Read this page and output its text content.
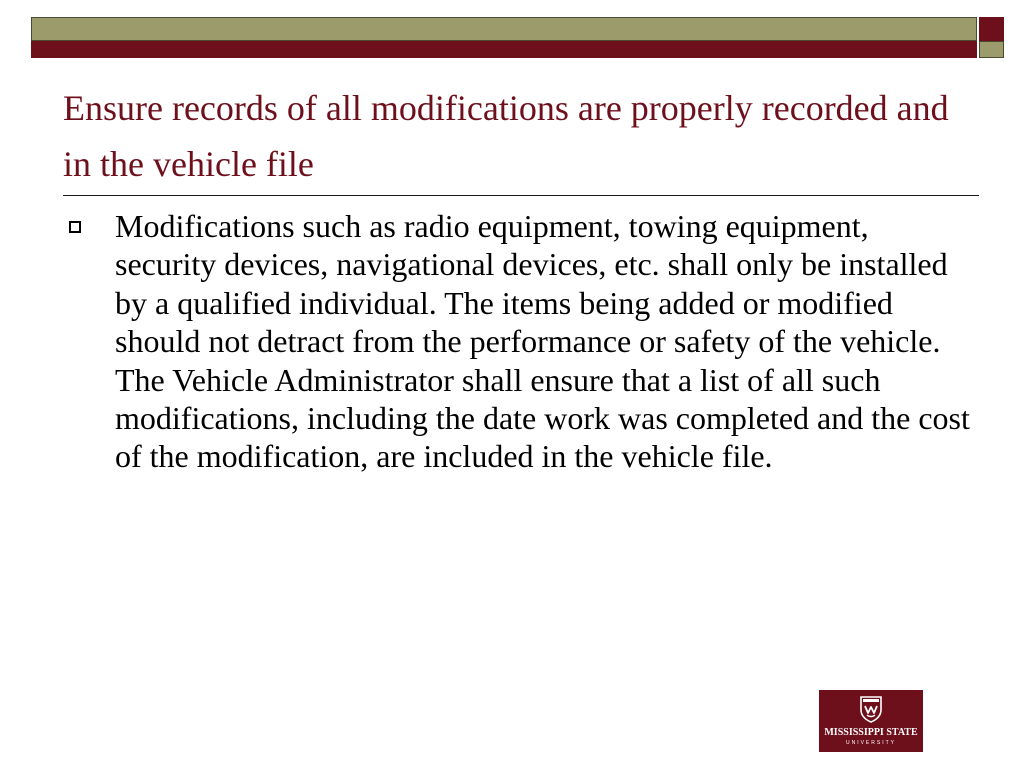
Ensure records of all modifications are properly recorded and in the vehicle file
Modifications such as radio equipment, towing equipment, security devices, navigational devices, etc. shall only be installed by a qualified individual. The items being added or modified should not detract from the performance or safety of the vehicle. The Vehicle Administrator shall ensure that a list of all such modifications, including the date work was completed and the cost of the modification, are included in the vehicle file.
MISSISSIPPI STATE
UNIVERSITY
